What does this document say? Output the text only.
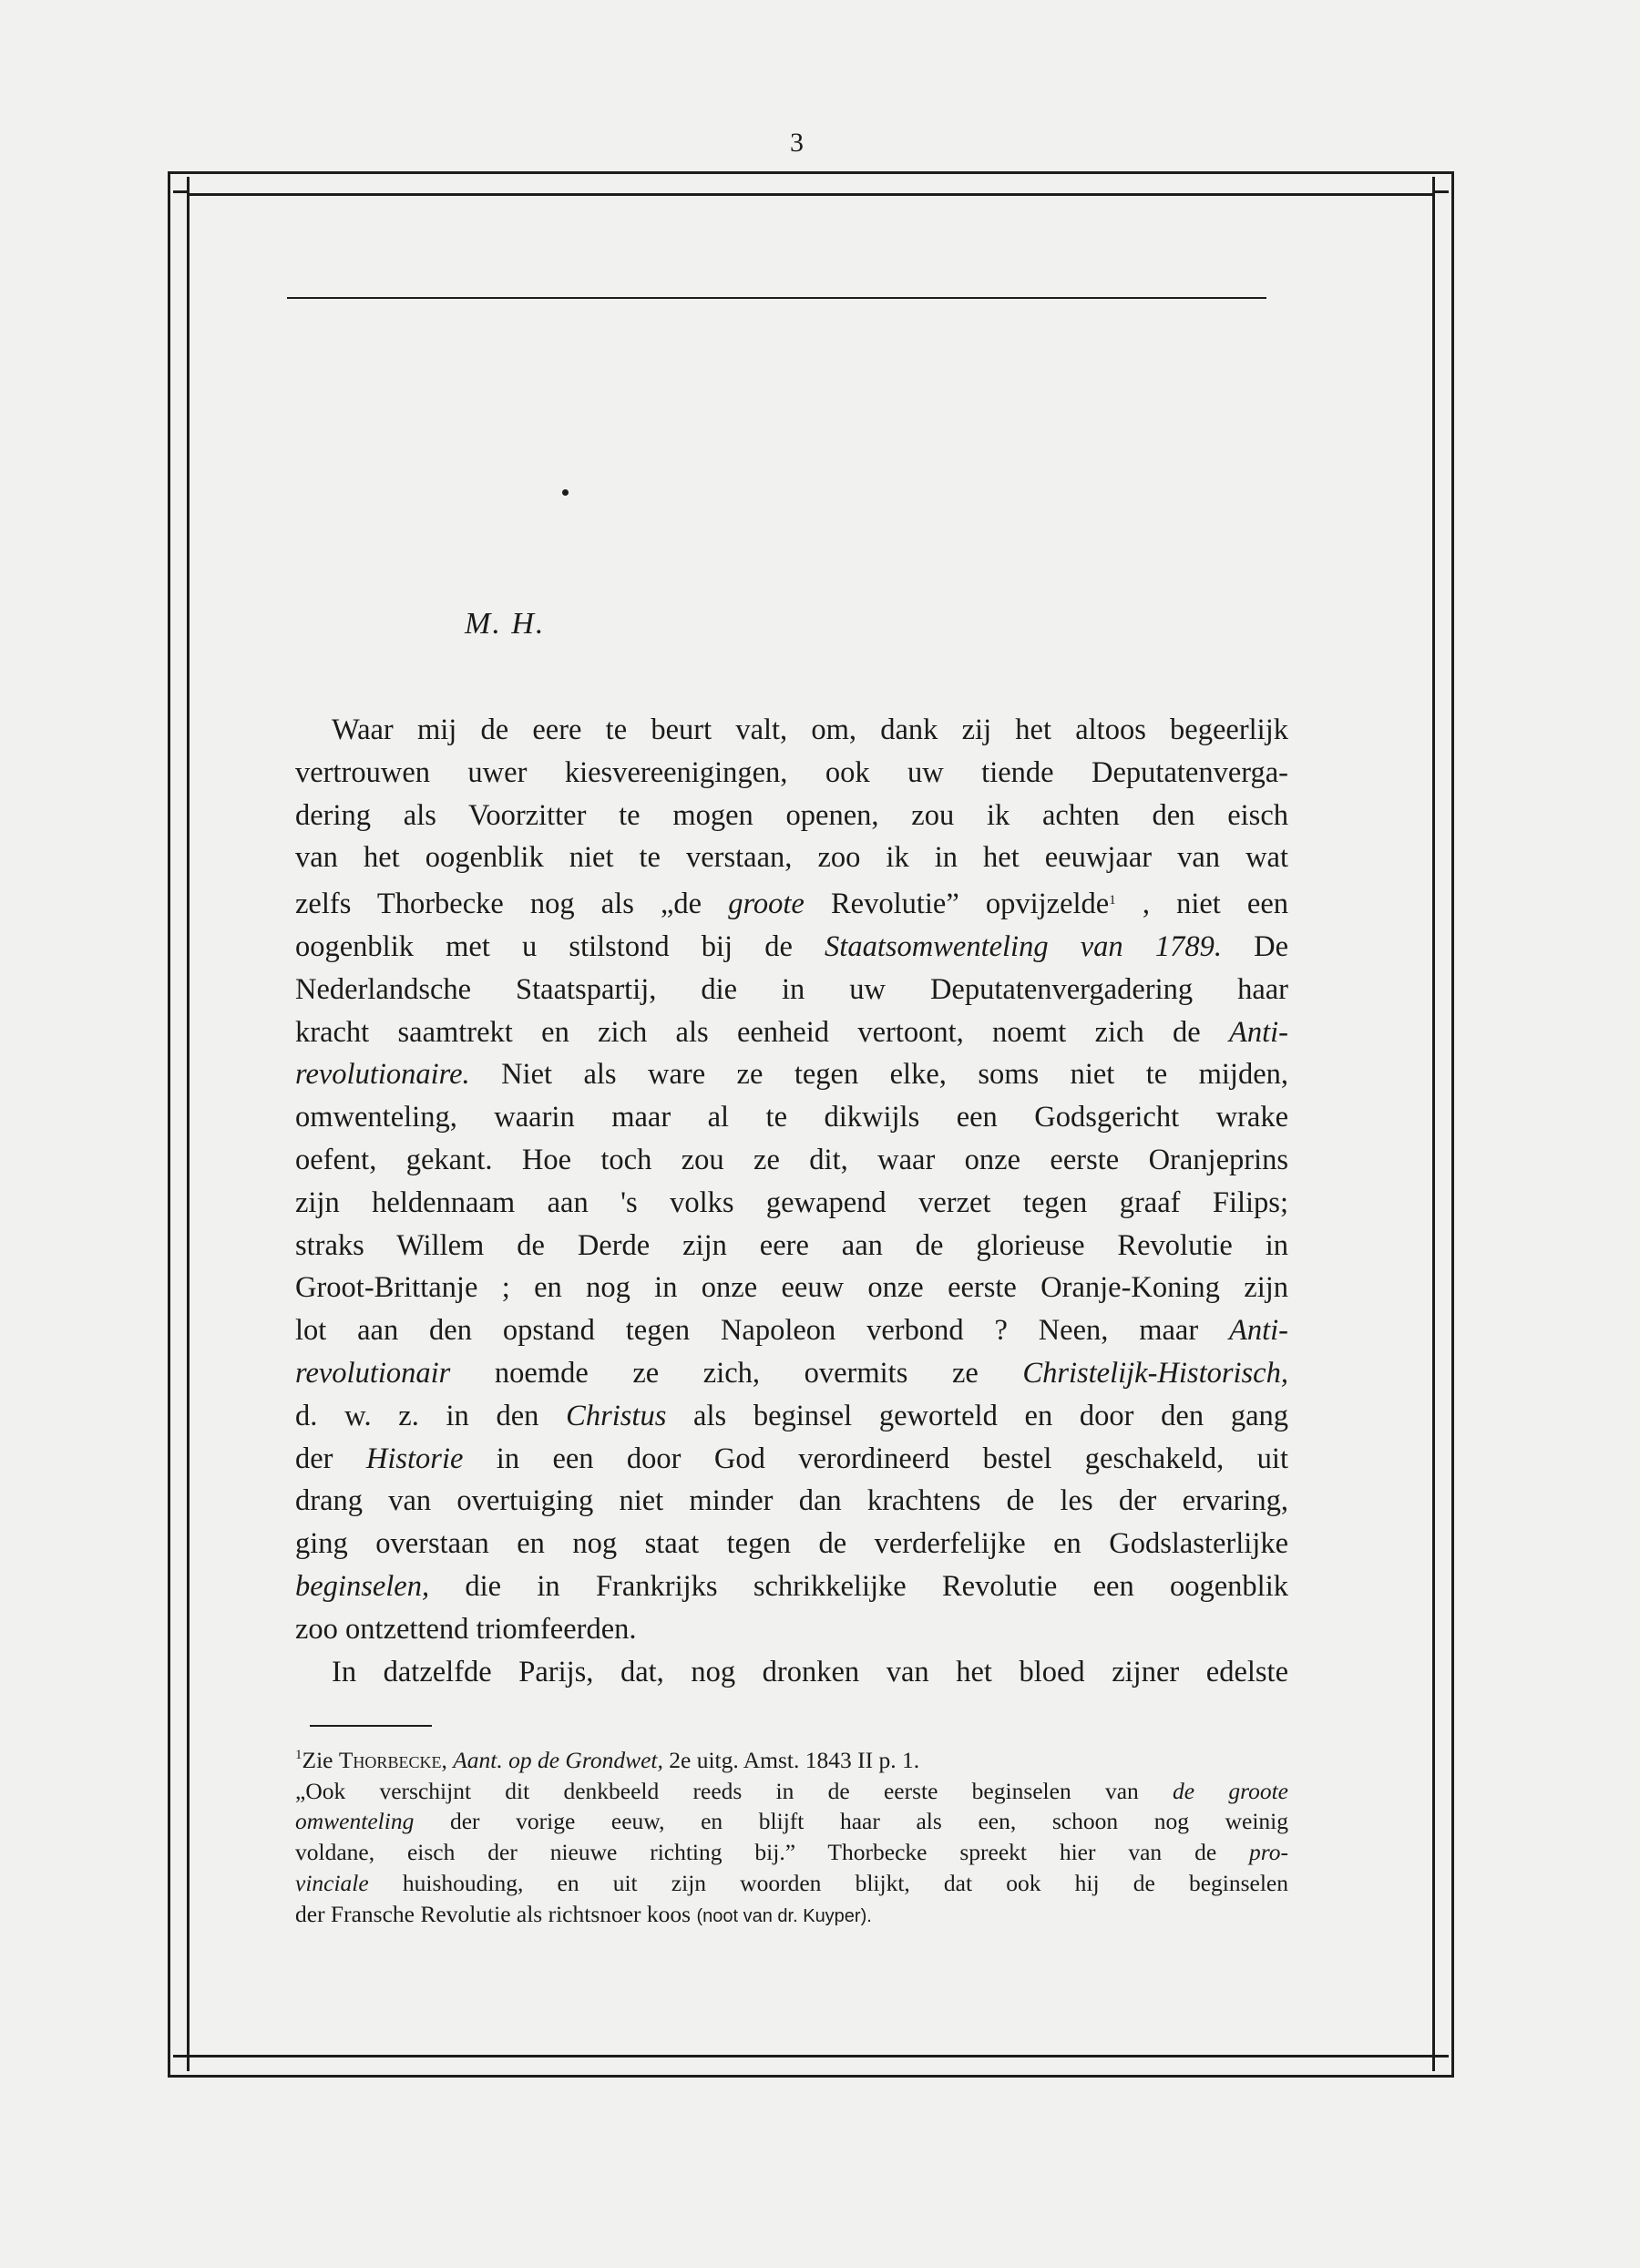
3
M. H.
Waar mij de eere te beurt valt, om, dank zij het altoos begeerlijk
vertrouwen uwer kiesvereenigingen, ook uw tiende Deputatenverga-
dering als Voorzitter te mogen openen, zou ik achten den eisch
van het oogenblik niet te verstaan, zoo ik in het eeuwjaar van wat
zelfs Thorbecke nog als „de groote Revolutie” opvijzelde$^1$ , niet een
oogenblik met u stilstond bij de Staatsomwenteling van 1789. De
Nederlandsche Staatspartij, die in uw Deputatenvergadering haar
kracht saamtrekt en zich als eenheid vertoont, noemt zich de Anti-
revolutionaire. Niet als ware ze tegen elke, soms niet te mijden,
omwenteling, waarin maar al te dikwijls een Godsgericht wrake
oefent, gekant. Hoe toch zou ze dit, waar onze eerste Oranjeprins
zijn heldennaam aan 's volks gewapend verzet tegen graaf Filips;
straks Willem de Derde zijn eere aan de glorieuse Revolutie in
Groot-Brittanje ; en nog in onze eeuw onze eerste Oranje-Koning zijn
lot aan den opstand tegen Napoleon verbond ? Neen, maar Anti-
revolutionair noemde ze zich, overmits ze Christelijk-Historisch,
d. w. z. in den Christus als beginsel geworteld en door den gang
der Historie in een door God verordineerd bestel geschakeld, uit
drang van overtuiging niet minder dan krachtens de les der ervaring,
ging overstaan en nog staat tegen de verderfelijke en Godslasterlijke
beginselen, die in Frankrijks schrikkelijke Revolutie een oogenblik
zoo ontzettend triomfeerden.
In datzelfde Parijs, dat, nog dronken van het bloed zijner edelste
$^1$Zie Thorbecke, Aant. op de Grondwet, 2e uitg. Amst. 1843 II p. 1.
„Ook verschijnt dit denkbeeld reeds in de eerste beginselen van de groote
omwenteling der vorige eeuw, en blijft haar als een, schoon nog weinig
voldane, eisch der nieuwe richting bij.” Thorbecke spreekt hier van de pro-
vinciale huishouding, en uit zijn woorden blijkt, dat ook hij de beginselen
der Fransche Revolutie als richtsnoer koos (noot van dr. Kuyper).
